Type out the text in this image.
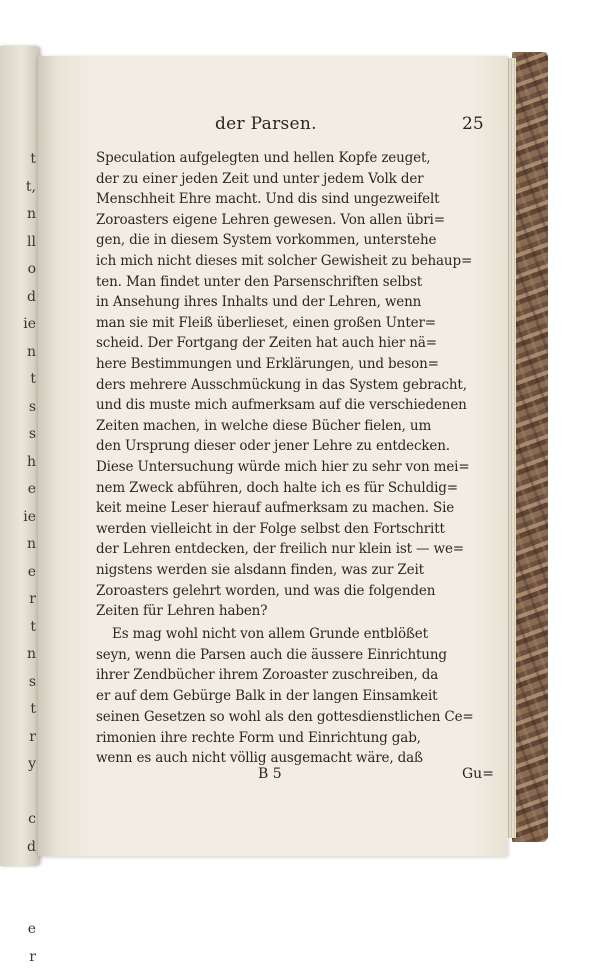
t
t,
n
ll
o
d
ie
n
t
s
s
h
e
ie
n
e
r
t
n
s
t
r
y
c
d
e
r
der Parsen.	25
Speculation aufgelegten und hellen Kopfe zeuget,
der zu einer jeden Zeit und unter jedem Volk der
Menschheit Ehre macht. Und dis sind ungezweifelt
Zoroasters eigene Lehren gewesen. Von allen übri=
gen, die in diesem System vorkommen, unterstehe
ich mich nicht dieses mit solcher Gewisheit zu behaup=
ten. Man findet unter den Parsenschriften selbst
in Ansehung ihres Inhalts und der Lehren, wenn
man sie mit Fleiß überlieset, einen großen Unter=
scheid. Der Fortgang der Zeiten hat auch hier nä=
here Bestimmungen und Erklärungen, und beson=
ders mehrere Ausschmückung in das System gebracht,
und dis muste mich aufmerksam auf die verschiedenen
Zeiten machen, in welche diese Bücher fielen, um
den Ursprung dieser oder jener Lehre zu entdecken.
Diese Untersuchung würde mich hier zu sehr von mei=
nem Zweck abführen, doch halte ich es für Schuldig=
keit meine Leser hierauf aufmerksam zu machen. Sie
werden vielleicht in der Folge selbst den Fortschritt
der Lehren entdecken, der freilich nur klein ist — we=
nigstens werden sie alsdann finden, was zur Zeit
Zoroasters gelehrt worden, und was die folgenden
Zeiten für Lehren haben?
Es mag wohl nicht von allem Grunde entblößet
seyn, wenn die Parsen auch die äussere Einrichtung
ihrer Zendbücher ihrem Zoroaster zuschreiben, da
er auf dem Gebürge Balk in der langen Einsamkeit
seinen Gesetzen so wohl als den gottesdienstlichen Ce=
rimonien ihre rechte Form und Einrichtung gab,
wenn es auch nicht völlig ausgemacht wäre, daß
B 5	Gu=
